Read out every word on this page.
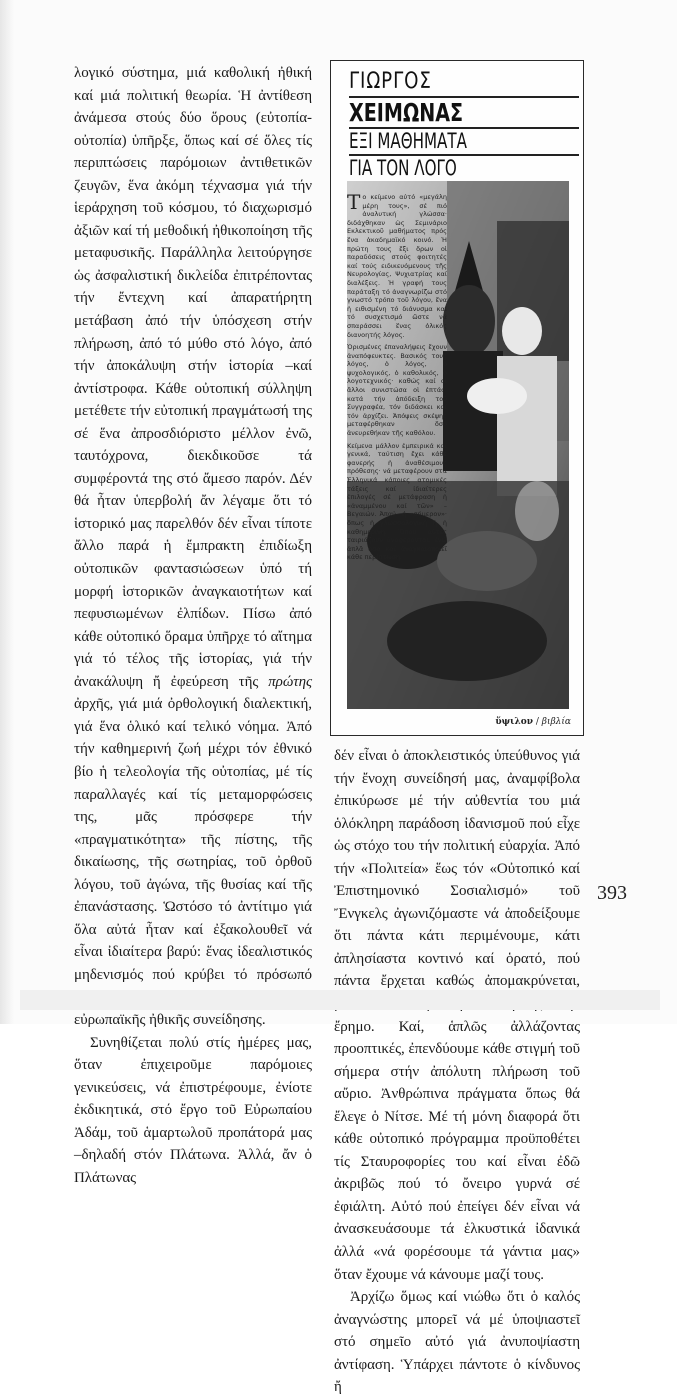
λογικό σύστημα, μιά καθολική ἠθική καί μιά πολιτική θεωρία. Ἡ ἀντίθεση ἀνάμεσα στούς δύο ὅρους (εὐτοπία-οὐτοπία) ὑπῆρξε, ὅπως καί σέ ὅλες τίς περιπτώσεις παρόμοιων ἀντιθετικῶν ζευγῶν, ἕνα ἀκόμη τέχνασμα γιά τήν ἱεράρχηση τοῦ κόσμου, τό διαχωρισμό ἀξιῶν καί τή μεθοδική ἠθικοποίηση τῆς μεταφυσικῆς. Παράλληλα λειτούργησε ὡς ἀσφαλιστική δικλείδα ἐπιτρέποντας τήν ἔντεχνη καί ἀπαρατήρητη μετάβαση ἀπό τήν ὑπόσχεση στήν πλήρωση, ἀπό τό μύθο στό λόγο, ἀπό τήν ἀποκάλυψη στήν ἱστορία –καί ἀντίστροφα. Κάθε οὐτοπική σύλληψη μετέθετε τήν εὐτοπική πραγμάτωσή της σέ ἕνα ἀπροσδιόριστο μέλλον ἐνῶ, ταυτόχρονα, διεκδικοῦσε τά συμφέροντά της στό ἄμεσο παρόν. Δέν θά ἦταν ὑπερβολή ἄν λέγαμε ὅτι τό ἱστορικό μας παρελθόν δέν εἶναι τίποτε ἄλλο παρά ἡ ἔμπρακτη ἐπιδίωξη οὐτοπικῶν φαντασιώσεων ὑπό τή μορφή ἱστορικῶν ἀναγκαιοτήτων καί πεφυσιωμένων ἐλπίδων. Πίσω ἀπό κάθε οὐτοπικό ὅραμα ὑπῆρχε τό αἴτημα γιά τό τέλος τῆς ἱστορίας, γιά τήν ἀνακάλυψη ἤ ἐφεύρεση τῆς πρώτης ἀρχῆς, γιά μιά ὀρθολογική διαλεκτική, γιά ἕνα ὁλικό καί τελικό νόημα. Ἀπό τήν καθημερινή ζωή μέχρι τόν ἐθνικό βίο ἡ τελεολογία τῆς οὐτοπίας, μέ τίς παραλλαγές καί τίς μεταμορφώσεις της, μᾶς πρόσφερε τήν «πραγματικότητα» τῆς πίστης, τῆς δικαίωσης, τῆς σωτηρίας, τοῦ ὀρθοῦ λόγου, τοῦ ἀγώνα, τῆς θυσίας καί τῆς ἐπανάστασης. Ὡστόσο τό ἀντίτιμο γιά ὅλα αὐτά ἦταν καί ἐξακολουθεῖ νά εἶναι ἰδιαίτερα βαρύ: ἕνας ἰδεαλιστικός μηδενισμός πού κρύβει τό πρόσωπό εὐρωπαϊκῆς ἠθικῆς συνείδησης.

Συνηθίζεται πολύ στίς ἡμέρες μας, ὅταν ἐπιχειροῦμε παρόμοιες γενικεύσεις, νά ἐπιστρέφουμε, ἐνίοτε ἐκδικητικά, στό ἔργο τοῦ Εὐρωπαίου Ἀδάμ, τοῦ ἁμαρτωλοῦ προπάτορά μας –δηλαδή στόν Πλάτωνα. Ἀλλά, ἄν ὁ Πλάτωνας

ΓΙΩΡΓΟΣ
ΧΕΙΜΩΝΑΣ
ΕΞΙ ΜΑΘΗΜΑΤΑ
ΓΙΑ ΤΟΝ ΛΟΓΟ

Το κείμενο αὐτό «μεγάλη μέρη τους», σέ πιό ἀναλυτική γλώσσα· διδάχθηκαν ὡς Σεμινάριο Εκλεκτικοῦ μαθήματος πρός ἕνα ἀκαδημαϊκό κοινό. Ἡ πρώτη τους ἕξι ὅρων οἱ παραδόσεις στούς φοιτητές καί τούς ειδικευόμενους τῆς Νευρολογίας, Ψυχιατρίας καί διαλέξεις. Ἡ γραφή τους παράταξη τό ἀναγνωρίζω στό γνωστό τρόπο τοῦ λόγου, ἔνα ἡ ειθισμένη τό διάνυσμα καί τό συσχετισμό ὥστε νά σπαράσσει ἕνας ὁλικός διανοητής λόγος.

Ὁρισμένες ἐπαναλήψεις ἔχουν ἀναπόφευκτες. Βασικός τους λόγος, ὁ λόγος, ὁ ψυχολογικός, ὁ καθολικός, ὁ λογοτεχνικός· καθώς καί οἱ ἄλλοι συνιστώσα οἱ ἐπτάς, κατά τήν ἀπόδειξη τοῦ Συγγραφέα, τόν διδάσκει καί τόν ἀρχίζει. Ἀπόψεις σκέψης μεταφέρθηκαν ὅσο ἀνευρεθήκαν τῆς καθόλου.

Κείμενα μάλλον ἐμπειρικά καί γενικά, ταύτιση ἔχει κάθε φανερής ἡ ἀναθέσιμους πρόθεσης· νά μεταφέρουν στά Ἑλληνικά κάποιες ατομικές τάξεις καί ἰδιαίτερες ἐπιλογές σέ μετάφραση ἡ «ἀναμμένου καί τῶν» –Βεγαιών. Ἀπαύ– ἡ «σήμερον»· ὅπως ἡ γλωσσολογική ἡ ἡ καθημερινή. Ὅπου αὐτές ταιριάζουν ἀναφέρονται, ἐνῶ ἀπλᾶ ὅσα καί ἀναγκαιοποιεῖ κάθε περίπτωση.

ὕψιλον / βιβλία

δέν εἶναι ὁ ἀποκλειστικός ὑπεύθυνος γιά τήν ἔνοχη συνείδησή μας, ἀναμφίβολα ἐπικύρωσε μέ τήν αὐθεντία του μιά ὁλόκληρη παράδοση ἰδανισμοῦ πού εἶχε ὡς στόχο του τήν πολιτική εὐαρχία. Ἀπό τήν «Πολιτεία» ἕως τόν «Οὐτοπικό καί Ἐπιστημονικό Σοσιαλισμό» τοῦ Ἔνγκελς ἀγωνιζόμαστε νά ἀποδείξουμε ὅτι πάντα κάτι περιμένουμε, κάτι ἀπλησίαστα κοντινό καί ὁρατό, πού πάντα ἔρχεται καθώς ἀπομακρύνεται, ἔρημο. Καί, ἁπλῶς ἀλλάζοντας προοπτικές, ἐπενδύουμε κάθε στιγμή τοῦ σήμερα στήν ἀπόλυτη πλήρωση τοῦ αὔριο. Ἀνθρώπινα πράγματα ὅπως θά ἔλεγε ὁ Νίτσε. Μέ τή μόνη διαφορά ὅτι κάθε οὐτοπικό πρόγραμμα προϋποθέτει τίς Σταυροφορίες του καί εἶναι ἐδῶ ἀκριβῶς πού τό ὄνειρο γυρνά σέ ἐφιάλτη. Αὐτό πού ἐπείγει δέν εἶναι νά ἀνασκευάσουμε τά ἑλκυστικά ἰδανικά ἀλλά «νά φορέσουμε τά γάντια μας» ὅταν ἔχουμε νά κάνουμε μαζί τους.

Ἀρχίζω ὅμως καί νιώθω ὅτι ὁ καλός ἀναγνώστης μπορεῖ νά μέ ὑποψιαστεῖ στό σημεῖο αὐτό γιά ἀνυποψίαστη ἀντίφαση. Ὑπάρχει πάντοτε ὁ κίνδυνος ἤ

393
